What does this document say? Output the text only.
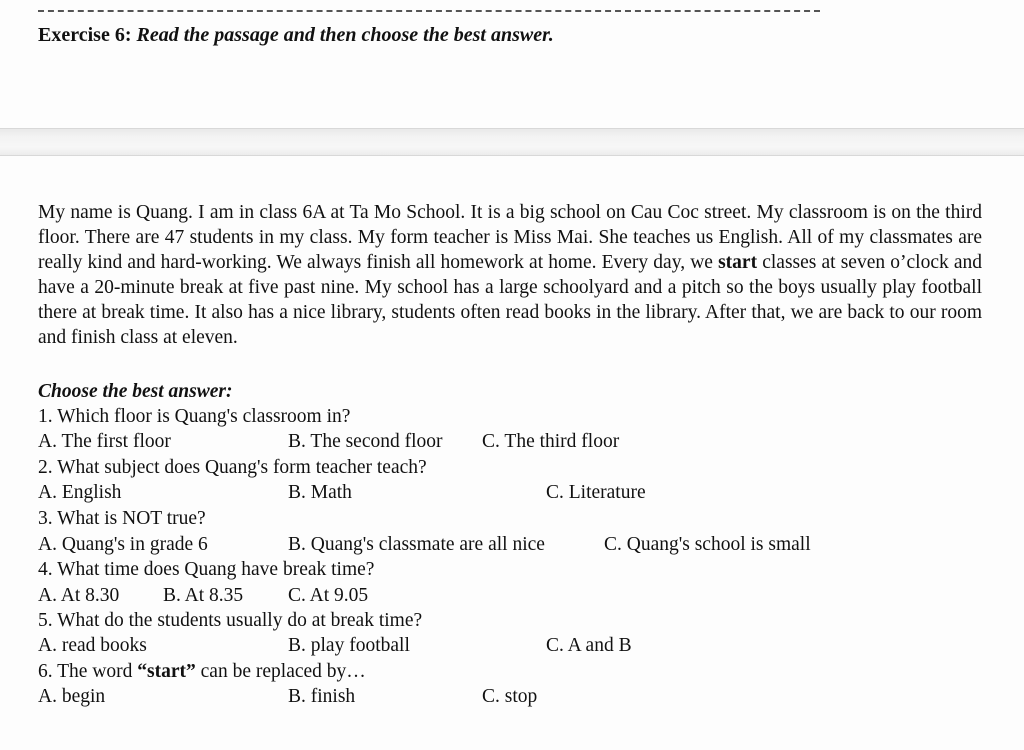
Exercise 6: Read the passage and then choose the best answer.
My name is Quang. I am in class 6A at Ta Mo School. It is a big school on Cau Coc street. My classroom is on the third floor. There are 47 students in my class. My form teacher is Miss Mai. She teaches us English. All of my classmates are really kind and hard-working. We always finish all homework at home. Every day, we start classes at seven o’clock and have a 20-minute break at five past nine. My school has a large schoolyard and a pitch so the boys usually play football there at break time. It also has a nice library, students often read books in the library. After that, we are back to our room and finish class at eleven.
Choose the best answer:
1. Which floor is Quang's classroom in?
A. The first floor	B. The second floor C. The third floor
2. What subject does Quang's form teacher teach?
A. English	B. Math	C. Literature
3. What is NOT true?
A. Quang's in grade 6	B. Quang's classmate are all nice	C. Quang's school is small
4. What time does Quang have break time?
A. At 8.30 B. At 8.35 C. At 9.05
5. What do the students usually do at break time?
A. read books	B. play football	C. A and B
6. The word “start” can be replaced by…
A. begin	B. finish	C. stop
